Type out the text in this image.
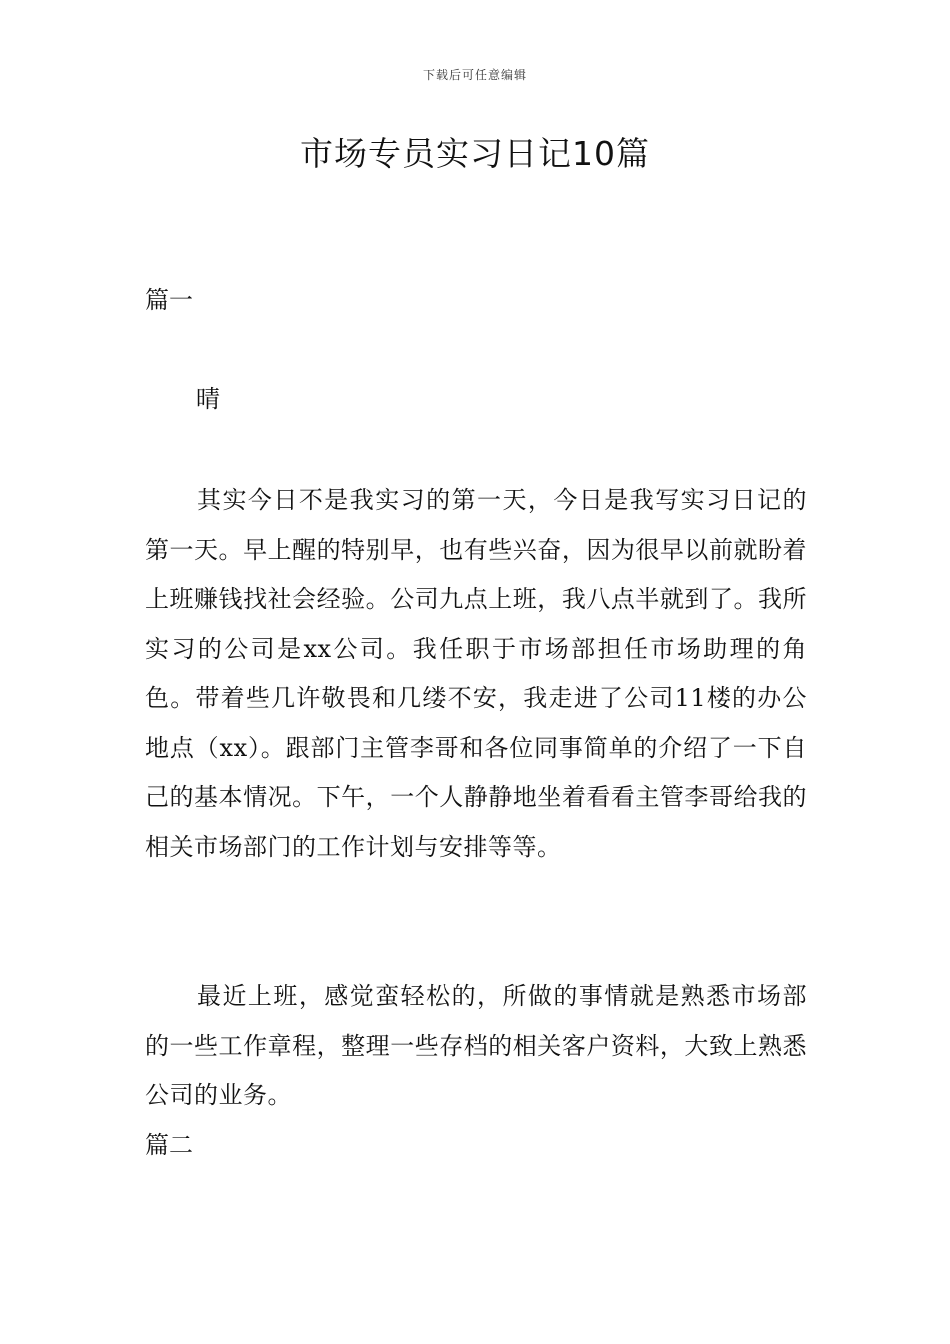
下载后可任意编辑
市场专员实习日记10篇

篇一

晴

其实今日不是我实习的第一天，今日是我写实习日记的第一天。早上醒的特别早，也有些兴奋，因为很早以前就盼着上班赚钱找社会经验。公司九点上班，我八点半就到了。我所实习的公司是xx公司。我任职于市场部担任市场助理的角色。带着些几许敬畏和几缕不安，我走进了公司11楼的办公地点（xx）。跟部门主管李哥和各位同事简单的介绍了一下自己的基本情况。下午，一个人静静地坐着看看主管李哥给我的相关市场部门的工作计划与安排等等。

最近上班，感觉蛮轻松的，所做的事情就是熟悉市场部的一些工作章程，整理一些存档的相关客户资料，大致上熟悉公司的业务。

篇二
